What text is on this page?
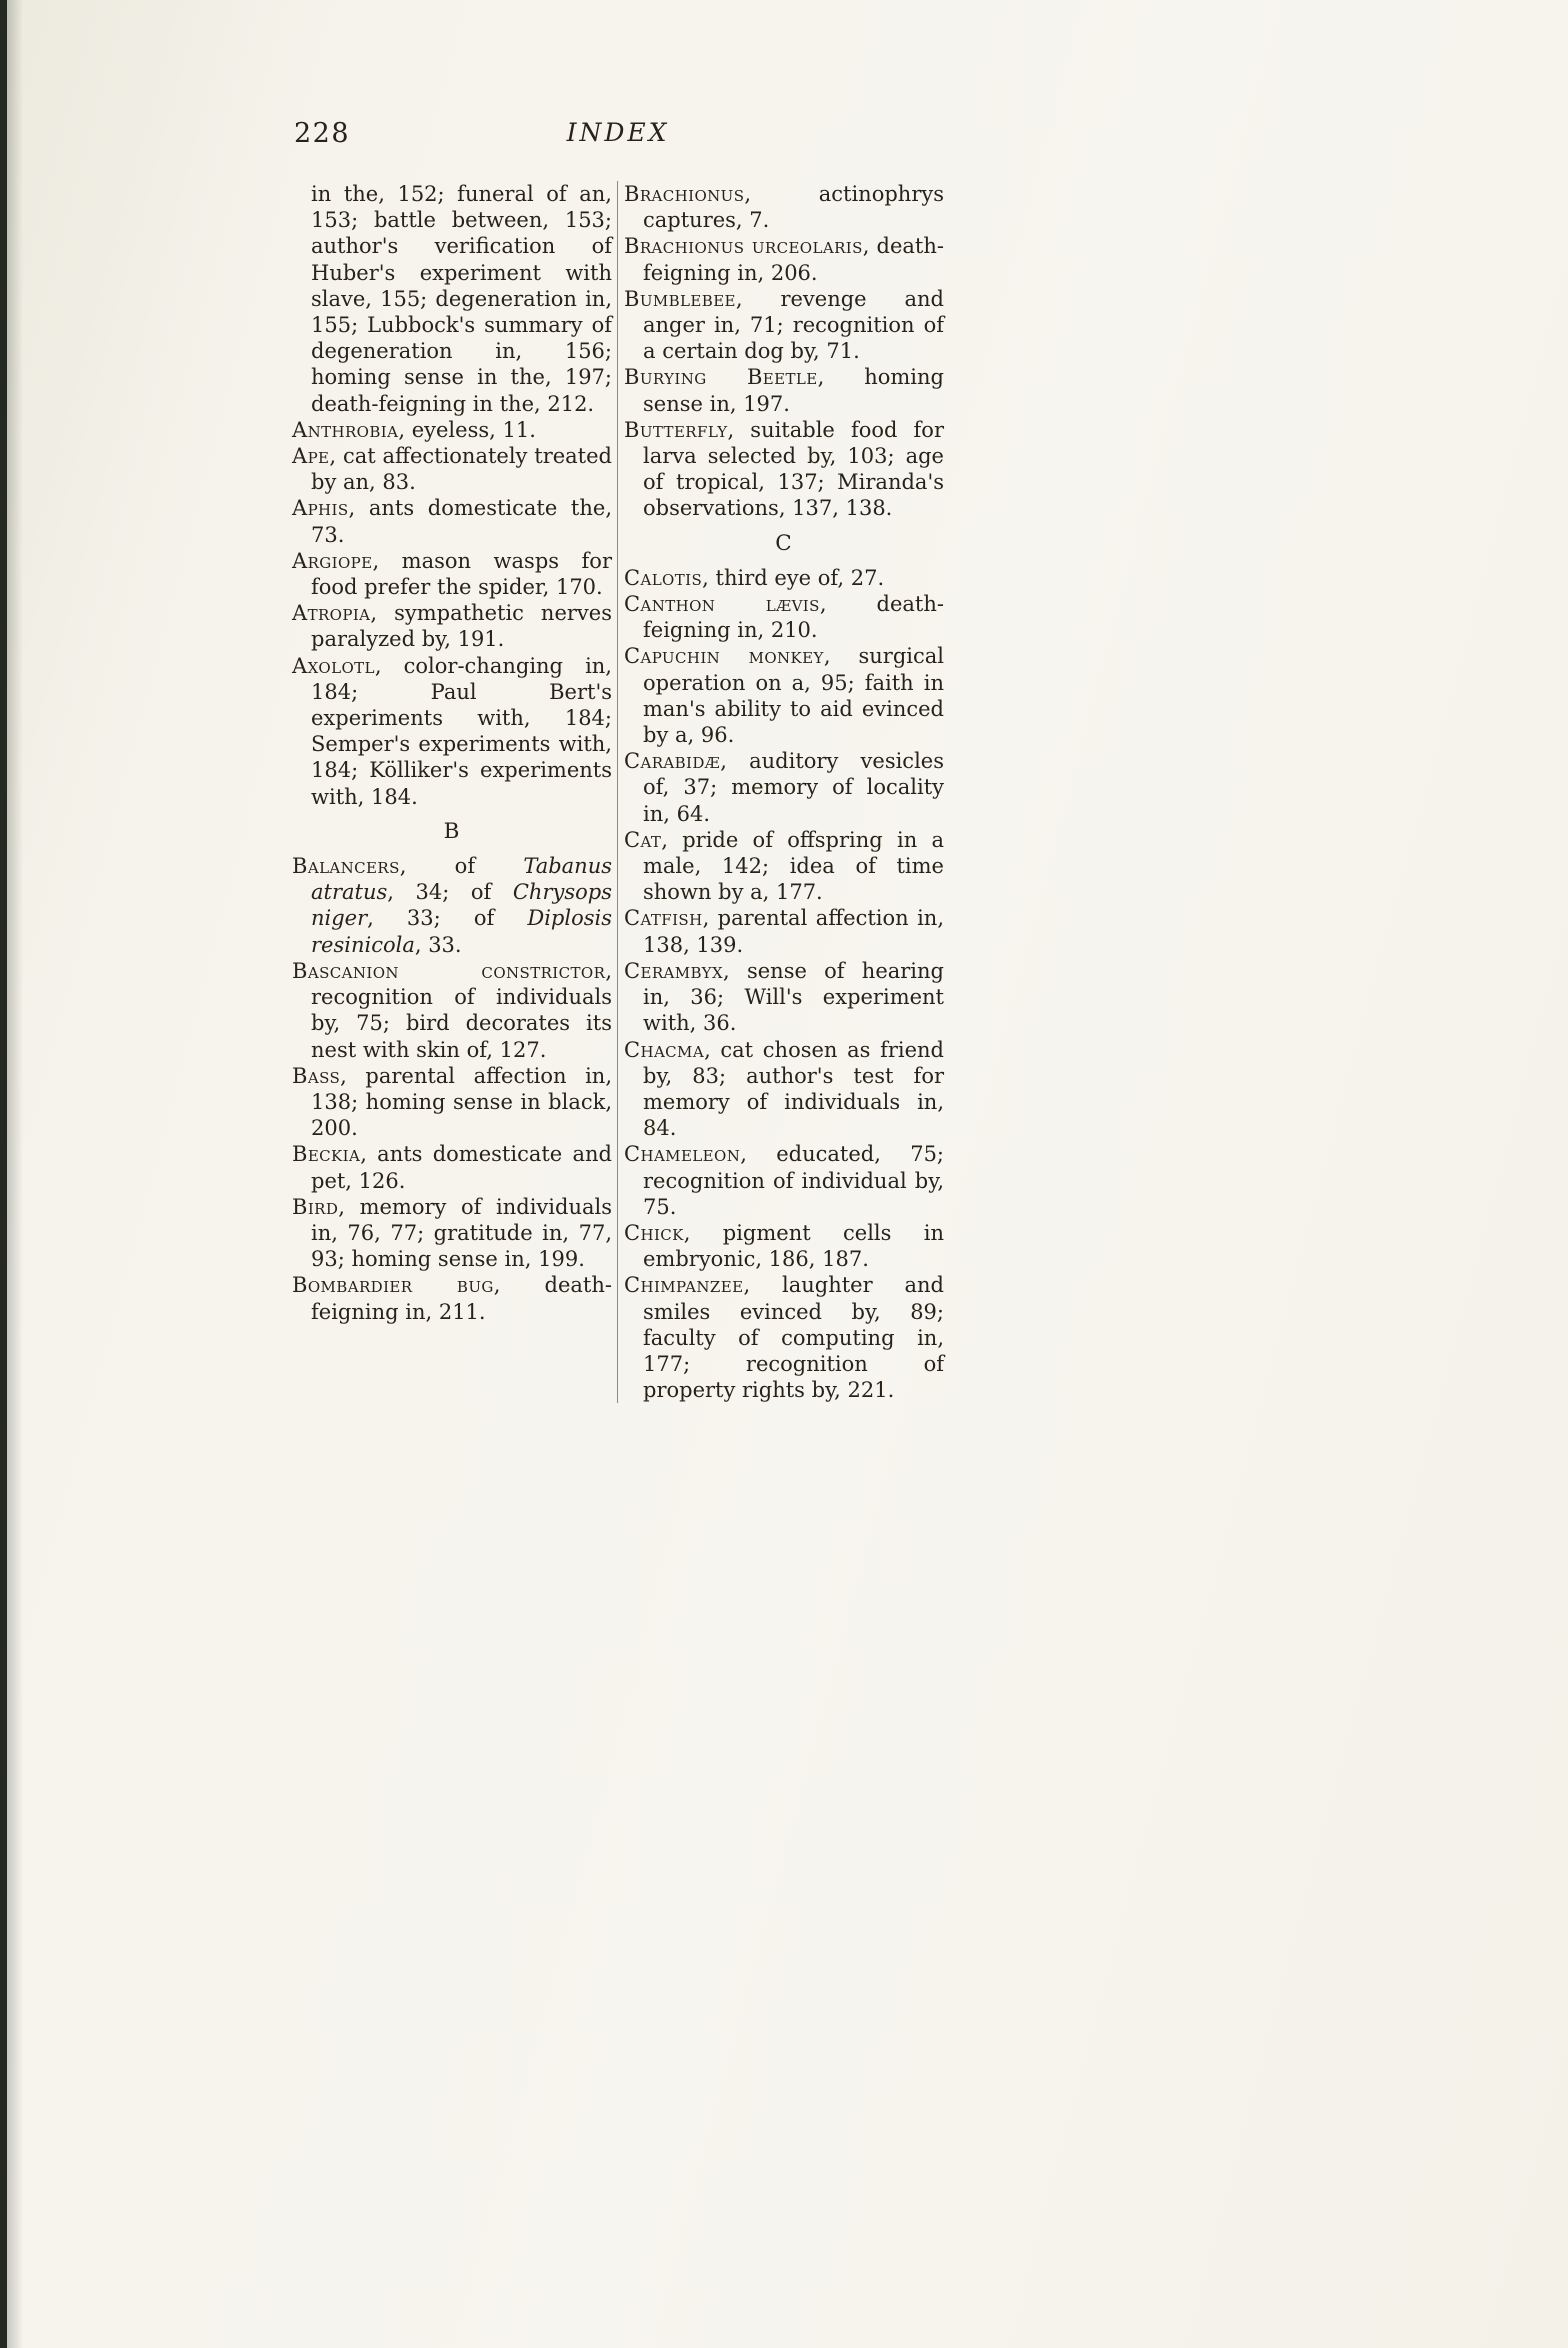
228	INDEX

in the, 152; funeral of an, 153; battle between, 153; author's verification of Huber's experiment with slave, 155; degeneration in, 155; Lubbock's summary of degeneration in, 156; homing sense in the, 197; death-feigning in the, 212.

Anthrobia, eyeless, 11.

Ape, cat affectionately treated by an, 83.

Aphis, ants domesticate the, 73.

Argiope, mason wasps for food prefer the spider, 170.

Atropia, sympathetic nerves paralyzed by, 191.

Axolotl, color-changing in, 184; Paul Bert's experiments with, 184; Semper's experiments with, 184; Kölliker's experiments with, 184.

B

Balancers, of Tabanus atratus, 34; of Chrysops niger, 33; of Diplosis resinicola, 33.

Bascanion constrictor, recognition of individuals by, 75; bird decorates its nest with skin of, 127.

Bass, parental affection in, 138; homing sense in black, 200.

Beckia, ants domesticate and pet, 126.

Bird, memory of individuals in, 76, 77; gratitude in, 77, 93; homing sense in, 199.

Bombardier bug, death-feigning in, 211.

Brachionus, actinophrys captures, 7.

Brachionus urceolaris, death-feigning in, 206.

Bumblebee, revenge and anger in, 71; recognition of a certain dog by, 71.

Burying Beetle, homing sense in, 197.

Butterfly, suitable food for larva selected by, 103; age of tropical, 137; Miranda's observations, 137, 138.

C

Calotis, third eye of, 27.

Canthon lævis, death-feigning in, 210.

Capuchin monkey, surgical operation on a, 95; faith in man's ability to aid evinced by a, 96.

Carabidæ, auditory vesicles of, 37; memory of locality in, 64.

Cat, pride of offspring in a male, 142; idea of time shown by a, 177.

Catfish, parental affection in, 138, 139.

Cerambyx, sense of hearing in, 36; Will's experiment with, 36.

Chacma, cat chosen as friend by, 83; author's test for memory of individuals in, 84.

Chameleon, educated, 75; recognition of individual by, 75.

Chick, pigment cells in embryonic, 186, 187.

Chimpanzee, laughter and smiles evinced by, 89; faculty of computing in, 177; recognition of property rights by, 221.
